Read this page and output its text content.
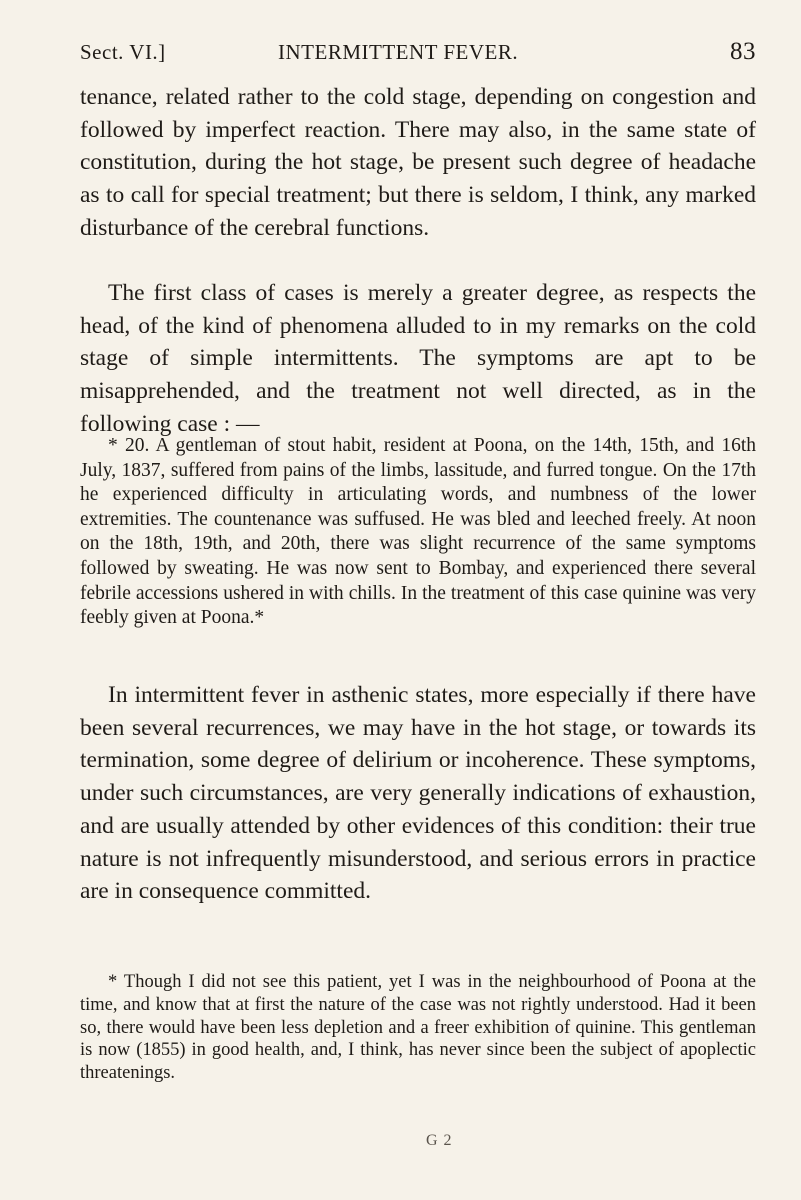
Sect. VI.]	INTERMITTENT FEVER.	83

tenance, related rather to the cold stage, depending on congestion and followed by imperfect reaction. There may also, in the same state of constitution, during the hot stage, be present such degree of headache as to call for special treatment; but there is seldom, I think, any marked disturbance of the cerebral functions.

The first class of cases is merely a greater degree, as respects the head, of the kind of phenomena alluded to in my remarks on the cold stage of simple intermittents. The symptoms are apt to be misapprehended, and the treatment not well directed, as in the following case : —

* 20. A gentleman of stout habit, resident at Poona, on the 14th, 15th, and 16th July, 1837, suffered from pains of the limbs, lassitude, and furred tongue. On the 17th he experienced difficulty in articulating words, and numbness of the lower extremities. The countenance was suffused. He was bled and leeched freely. At noon on the 18th, 19th, and 20th, there was slight recurrence of the same symptoms followed by sweating. He was now sent to Bombay, and experienced there several febrile accessions ushered in with chills. In the treatment of this case quinine was very feebly given at Poona.*

In intermittent fever in asthenic states, more especially if there have been several recurrences, we may have in the hot stage, or towards its termination, some degree of delirium or incoherence. These symptoms, under such circumstances, are very generally indications of exhaustion, and are usually attended by other evidences of this condition: their true nature is not infrequently misunderstood, and serious errors in practice are in consequence committed.

* Though I did not see this patient, yet I was in the neighbourhood of Poona at the time, and know that at first the nature of the case was not rightly understood. Had it been so, there would have been less depletion and a freer exhibition of quinine. This gentleman is now (1855) in good health, and, I think, has never since been the subject of apoplectic threatenings.

G 2
